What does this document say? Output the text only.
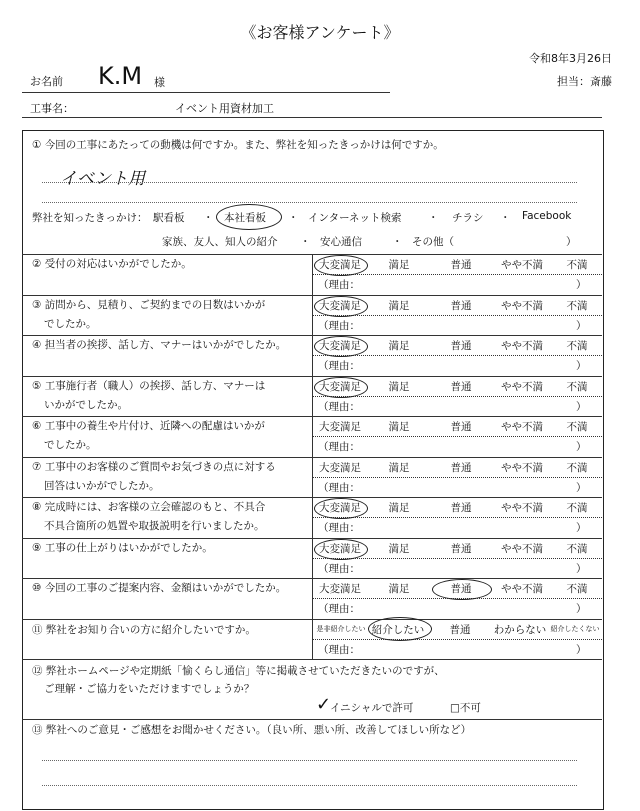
《お客様アンケート》
令和8年3月26日
担当：斎藤
お名前 K.M 様
工事名：	イベント用資材加工
① 今回の工事にあたっての動機は何ですか。また、弊社を知ったきっかけは何ですか。
イベント用
弊社を知ったきっかけ： 駅看板 ・ 本社看板 ・ インターネット検索	・ チラシ ・ Facebook
家族、友人、知人の紹介 ・ 安心通信	・ その他（	）
② 受付の対応はいかがでしたか。	大変満足	満足	普通	やや不満	不満
（理由：	）
③ 訪問から、見積り、ご契約までの日数はいかが
でしたか。
大変満足	満足	普通	やや不満	不満
（理由：	）
④ 担当者の挨拶、話し方、マナーはいかがでしたか。	大変満足	満足	普通	やや不満	不満
（理由：	）
⑤ 工事施行者（職人）の挨拶、話し方、マナーは
いかがでしたか。
大変満足	満足	普通	やや不満	不満
（理由：	）
⑥ 工事中の養生や片付け、近隣への配慮はいかが
でしたか。
大変満足	満足	普通	やや不満	不満
（理由：	）
⑦ 工事中のお客様のご質問やお気づきの点に対する
回答はいかがでしたか。
大変満足	満足	普通	やや不満	不満
（理由：	）
⑧ 完成時には、お客様の立会確認のもと、不具合
不具合箇所の処置や取扱説明を行いましたか。
大変満足	満足	普通	やや不満	不満
（理由：	）
⑨ 工事の仕上がりはいかがでしたか。	大変満足	満足	普通	やや不満	不満
（理由：	）
⑩ 今回の工事のご提案内容、金額はいかがでしたか。	大変満足	満足	普通	やや不満	不満
（理由：	）
⑪ 弊社をお知り合いの方に紹介したいですか。	是非紹介したい 紹介したい	普通	わからない 紹介したくない
（理由：	）
⑫ 弊社ホームページや定期紙「愉くらし通信」等に掲載させていただきたいのですが、
ご理解・ご協力をいただけますでしょうか？
✓
イニシャルで許可	□不可
⑬ 弊社へのご意見・ご感想をお聞かせください。（良い所、悪い所、改善してほしい所など）
